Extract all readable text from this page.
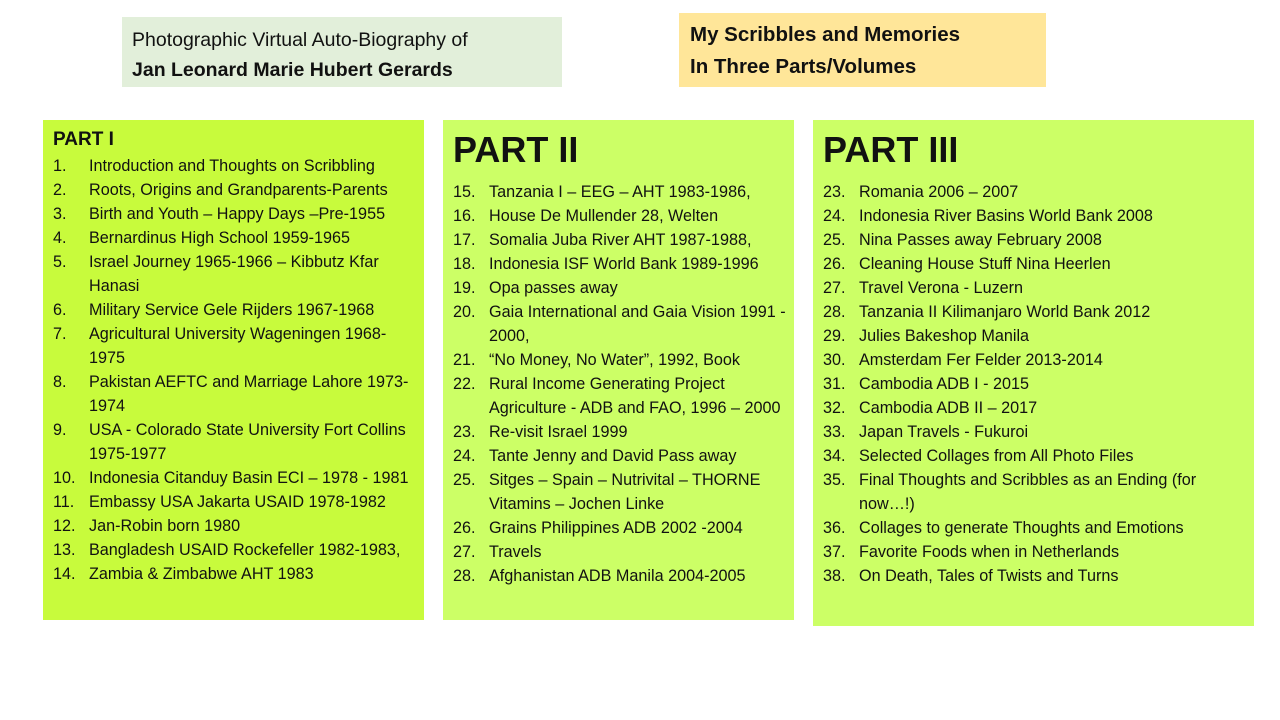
Photographic Virtual Auto-Biography of
Jan Leonard Marie Hubert Gerards
My Scribbles and Memories
In Three Parts/Volumes
PART I
1.	Introduction and Thoughts on Scribbling
2.	Roots, Origins and Grandparents-Parents
3.	Birth and Youth – Happy Days –Pre-1955
4.	Bernardinus High School 1959-1965
5.	Israel Journey 1965-1966 – Kibbutz Kfar Hanasi
6.	Military Service Gele Rijders 1967-1968
7.	Agricultural University Wageningen 1968-1975
8.	Pakistan AEFTC and Marriage Lahore 1973-1974
9.	USA - Colorado State University Fort Collins 1975-1977
10. Indonesia Citanduy Basin ECI – 1978 - 1981
11. Embassy USA Jakarta USAID 1978-1982
12. Jan-Robin born 1980
13. Bangladesh USAID Rockefeller 1982-1983,
14. Zambia & Zimbabwe AHT 1983
PART II
15. Tanzania I – EEG – AHT 1983-1986,
16. House De Mullender 28, Welten
17. Somalia Juba River AHT 1987-1988,
18. Indonesia ISF World Bank 1989-1996
19. Opa passes away
20. Gaia International and Gaia Vision 1991 - 2000,
21. “No Money, No Water”, 1992, Book
22. Rural Income Generating Project Agriculture - ADB and FAO, 1996 – 2000
23. Re-visit Israel 1999
24. Tante Jenny and David Pass away
25. Sitges – Spain – Nutrivital – THORNE Vitamins – Jochen Linke
26. Grains Philippines ADB 2002 -2004
27. Travels
28. Afghanistan ADB Manila 2004-2005
PART III
23. Romania 2006 – 2007
24. Indonesia River Basins World Bank 2008
25. Nina Passes away February 2008
26. Cleaning House Stuff Nina Heerlen
27. Travel Verona - Luzern
28. Tanzania II Kilimanjaro World Bank 2012
29. Julies Bakeshop Manila
30. Amsterdam Fer Felder 2013-2014
31. Cambodia ADB I - 2015
32. Cambodia ADB II – 2017
33. Japan Travels - Fukuroi
34. Selected Collages from All Photo Files
35. Final Thoughts and Scribbles as an Ending (for now…!)
36. Collages to generate Thoughts and Emotions
37. Favorite Foods when in Netherlands
38. On Death, Tales of Twists and Turns
